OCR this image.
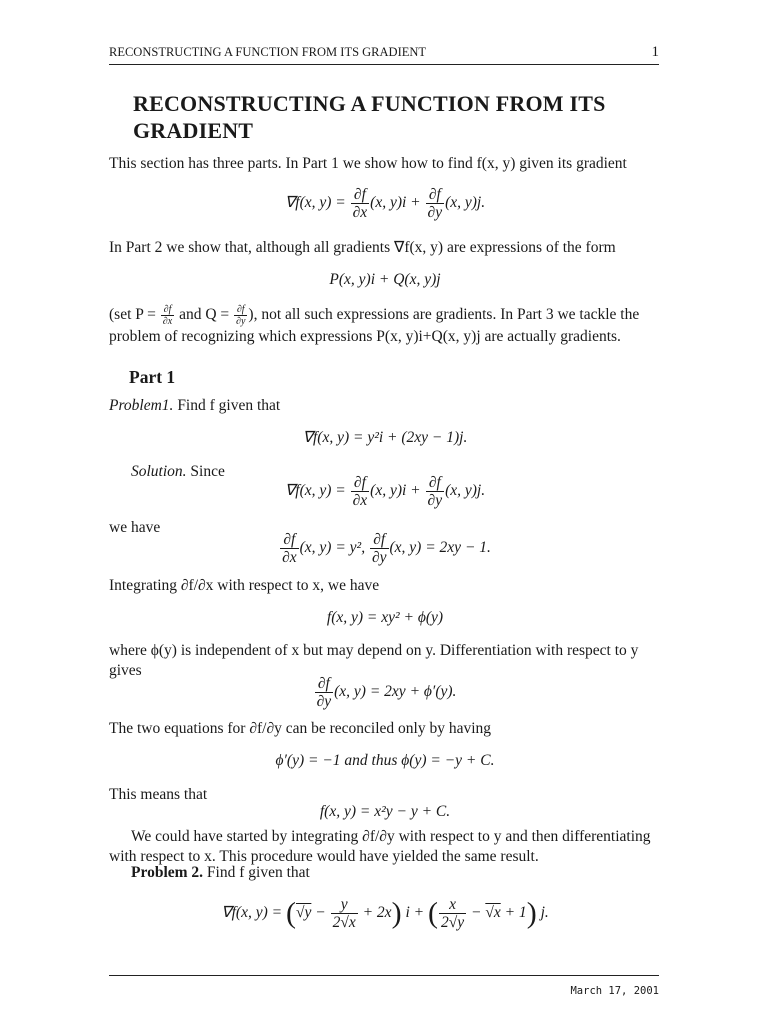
RECONSTRUCTING A FUNCTION FROM ITS GRADIENT	1
RECONSTRUCTING A FUNCTION FROM ITS GRADIENT

This section has three parts. In Part 1 we show how to find f(x, y) given its gradient

∇f(x, $y) = \frac{\partial f}{\partial x} (x$, $y)i + \frac{\partial f}{\partial y} (x$, y)j.

In Part 2 we show that, although all gradients ∇f(x, y) are expressions of the form

P(x, y)i + Q(x, y)j

(set $P = \frac{\partial f}{\partial x}$ and $Q = \frac{\partial f}{\partial y}$ ), not all such expressions are gradients. In Part 3 we tackle the problem of recognizing which expressions P(x, y)i+Q(x, y)j are actually gradients.

Part 1

Problem1. Find f given that

∇f(x, y) = y²i + (2xy − 1)j.

Solution. Since

∇f(x, $y) = \frac{\partial f}{\partial x} (x$, $y)i + \frac{\partial f}{\partial y} (x$, y)j.

we have

$\frac{\partial f}{\partial x} (x$, y) = y², $\frac{\partial f}{\partial y} (x$, y) = 2xy − 1.

Integrating ∂f/∂x with respect to x, we have

f(x, y) = xy² + ϕ(y)

where ϕ(y) is independent of x but may depend on y. Differentiation with respect to y gives

$\frac{\partial f}{\partial y} (x$, y) = 2xy + ϕ′(y).

The two equations for ∂f/∂y can be reconciled only by having

ϕ′(y) = −1 and thus ϕ(y) = −y + C.

This means that

f(x, y) = x²y − y + C.

We could have started by integrating ∂f/∂y with respect to y and then differentiating with respect to x. This procedure would have yielded the same result.

Problem 2. Find f given that

∇f(x, $y) = (√y - \frac{y}{2√x} + 2x)$ i + ( $\frac{x}{2√y} - √x + 1$) j.
March 17, 2001
